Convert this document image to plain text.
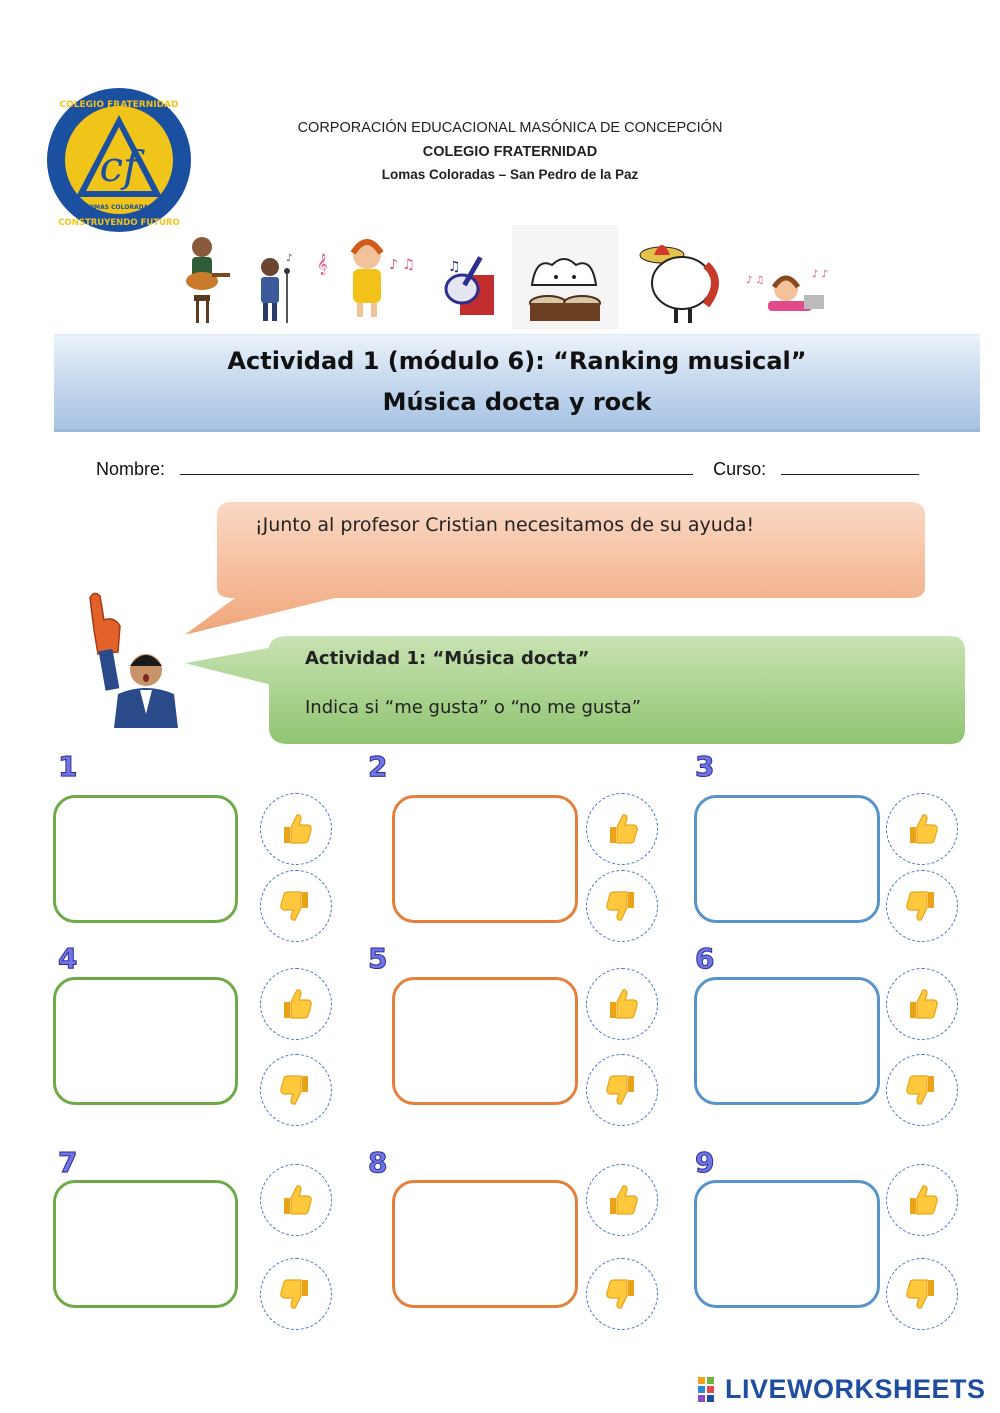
cf
COLEGIO FRATERNIDAD
CONSTRUYENDO FUTURO
LOMAS COLORADAS
CORPORACIÓN EDUCACIONAL MASÓNICA DE CONCEPCIÓN
COLEGIO FRATERNIDAD
Lomas Coloradas – San Pedro de la Paz
♪ 𝄞	♪ ♫ ♫
♪ ♫
♪ ♪
Actividad 1 (módulo 6): “Ranking musical”
Música docta y rock
Nombre:	Curso:
¡Junto al profesor Cristian necesitamos de su ayuda!
Actividad 1: “Música docta”
Indica si “me gusta” o “no me gusta”
1	2	3
4	5	6
7	8	9
LIVEWORKSHEETS
